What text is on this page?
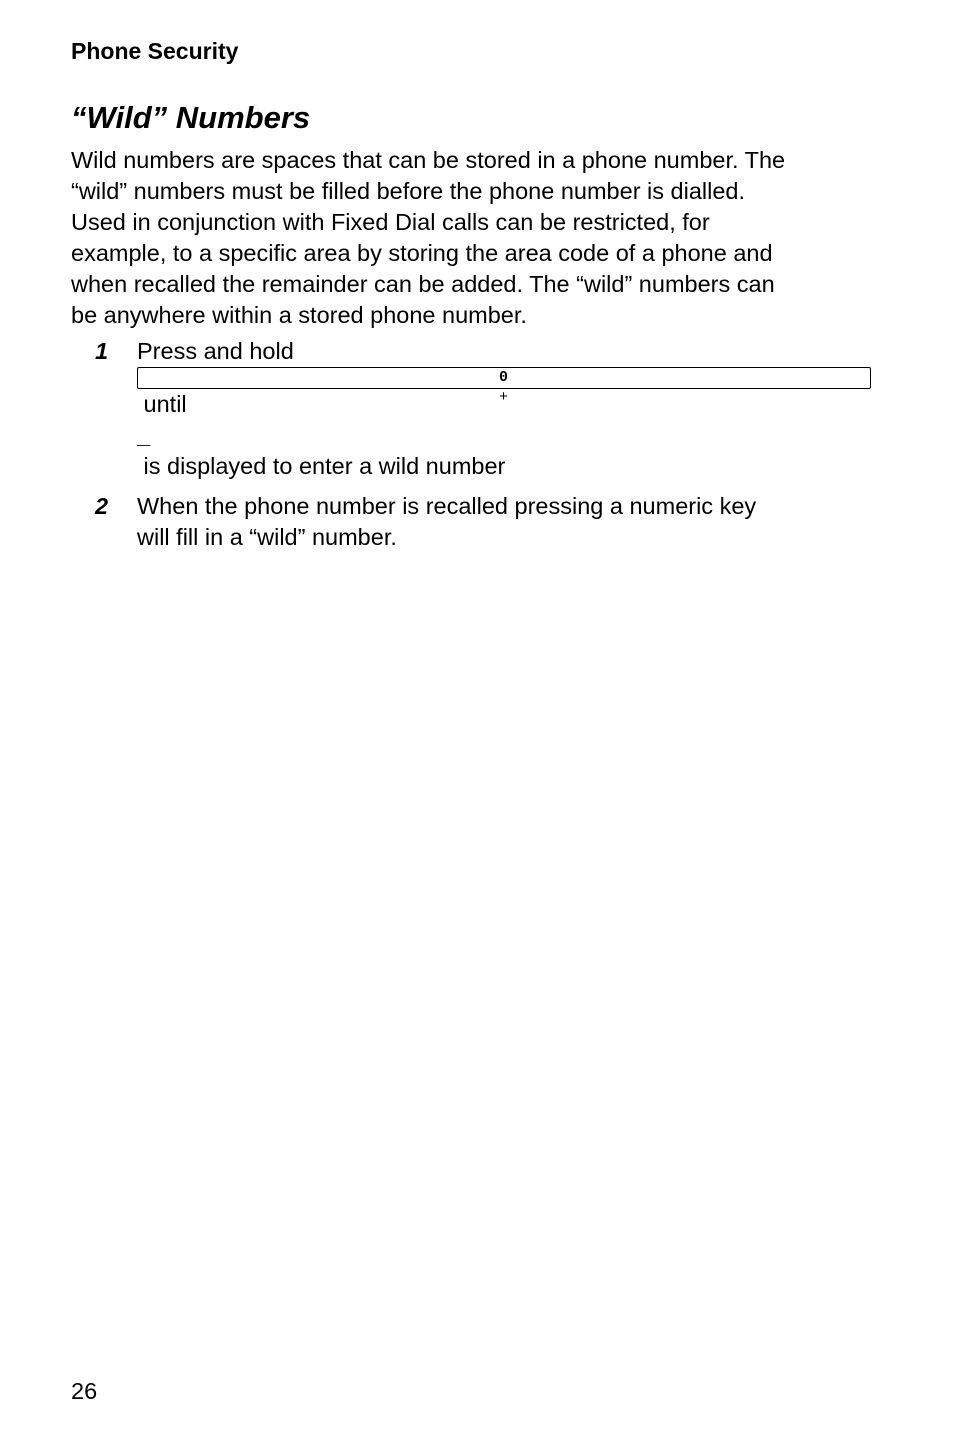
Phone Security
“Wild” Numbers

Wild numbers are spaces that can be stored in a phone number. The
“wild” numbers must be filled before the phone number is dialled.
Used in conjunction with Fixed Dial calls can be restricted, for
example, to a specific area by storing the area code of a phone and
when recalled the remainder can be added. The “wild” numbers can
be anywhere within a stored phone number.

1 Press and hold
0
+
until
_
is displayed to enter a wild number
2 When the phone number is recalled pressing a numeric key
will fill in a “wild” number.
26
